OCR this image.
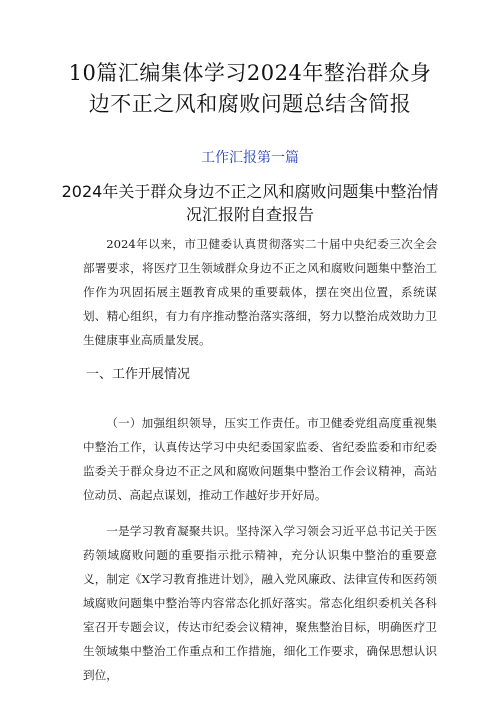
10篇汇编集体学习2024年整治群众身边不正之风和腐败问题总结含简报
工作汇报第一篇
2024年关于群众身边不正之风和腐败问题集中整治情况汇报附自查报告

2024年以来，市卫健委认真贯彻落实二十届中央纪委三次全会部署要求，将医疗卫生领域群众身边不正之风和腐败问题集中整治工作作为巩固拓展主题教育成果的重要载体，摆在突出位置，系统谋划、精心组织，有力有序推动整治落实落细，努力以整治成效助力卫生健康事业高质量发展。

一、工作开展情况

（一）加强组织领导，压实工作责任。市卫健委党组高度重视集中整治工作，认真传达学习中央纪委国家监委、省纪委监委和市纪委监委关于群众身边不正之风和腐败问题集中整治工作会议精神，高站位动员、高起点谋划，推动工作越好步开好局。

一是学习教育凝聚共识。坚持深入学习领会习近平总书记关于医药领域腐败问题的重要指示批示精神，充分认识集中整治的重要意义，制定《X学习教育推进计划》，融入党风廉政、法律宣传和医药领域腐败问题集中整治等内容常态化抓好落实。常态化组织委机关各科室召开专题会议，传达市纪委会议精神，聚焦整治目标，明确医疗卫生领域集中整治工作重点和工作措施，细化工作要求，确保思想认识到位，
